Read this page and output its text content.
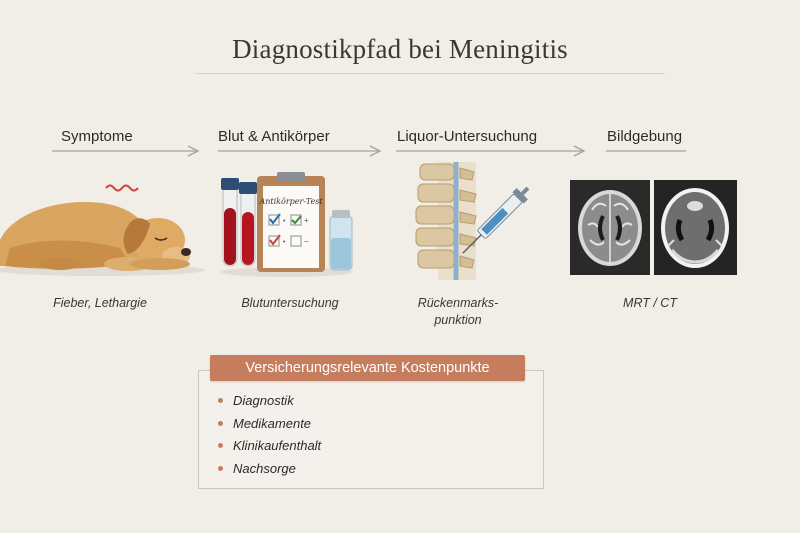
Diagnostikpfad bei Meningitis
Symptome	Blut & Antikörper	Liquor-Untersuchung	Bildgebung
Antikörper-Test
• +
• −
Fieber, Lethargie	Blutuntersuchung	Rückenmarks-
punktion
MRT / CT
Versicherungsrelevante Kostenpunkte
Diagnostik
Medikamente
Klinikaufenthalt
Nachsorge
